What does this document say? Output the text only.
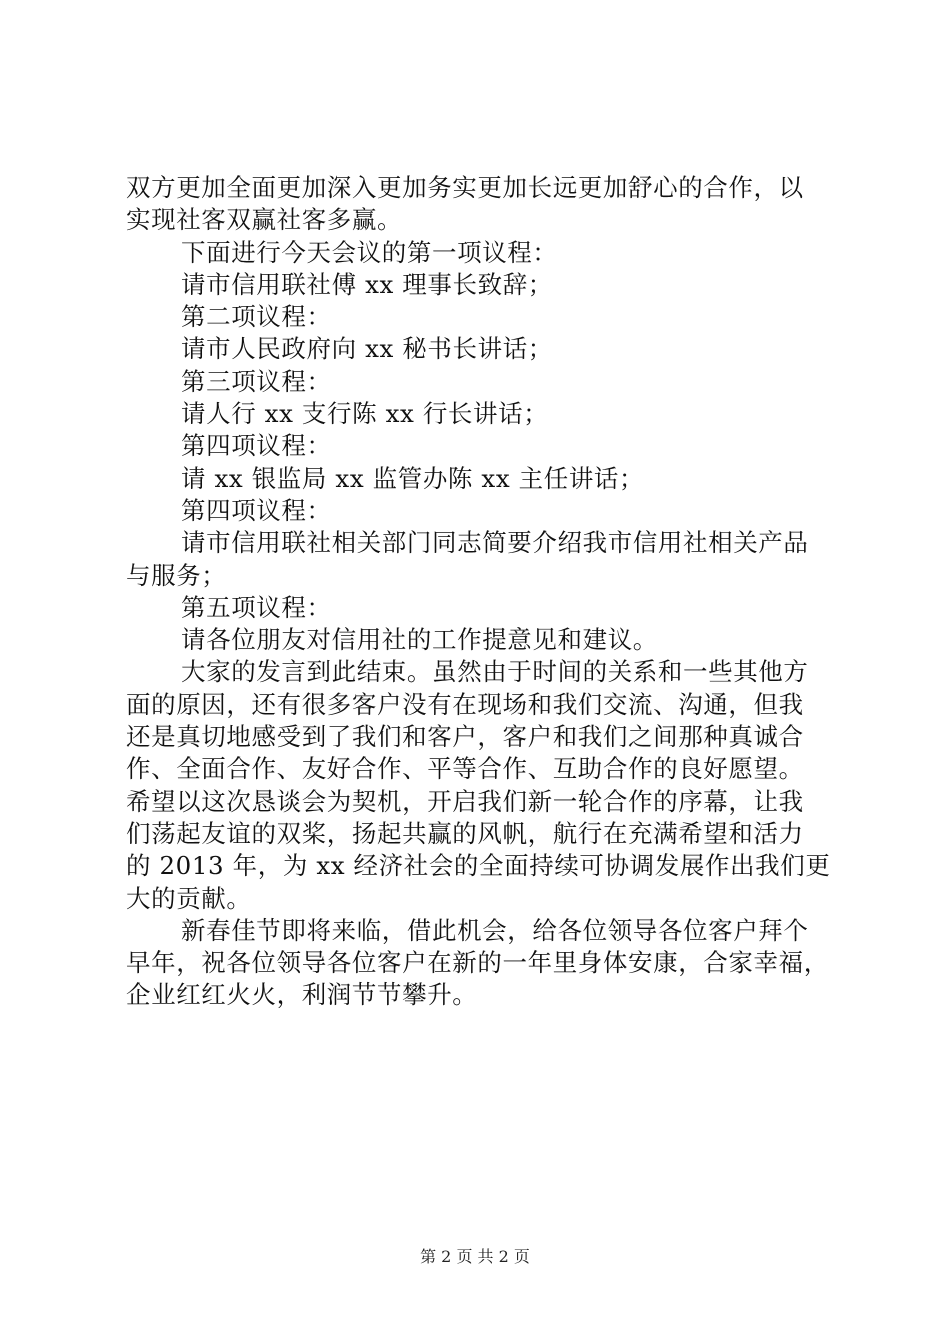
双方更加全面更加深入更加务实更加长远更加舒心的合作，以
实现社客双赢社客多赢。
下面进行今天会议的第一项议程：
请市信用联社傅 xx 理事长致辞；
第二项议程：
请市人民政府向 xx 秘书长讲话；
第三项议程：
请人行 xx 支行陈 xx 行长讲话；
第四项议程：
请 xx 银监局 xx 监管办陈 xx 主任讲话；
第四项议程：
请市信用联社相关部门同志简要介绍我市信用社相关产品
与服务；
第五项议程：
请各位朋友对信用社的工作提意见和建议。
大家的发言到此结束。虽然由于时间的关系和一些其他方
面的原因，还有很多客户没有在现场和我们交流、沟通，但我
还是真切地感受到了我们和客户，客户和我们之间那种真诚合
作、全面合作、友好合作、平等合作、互助合作的良好愿望。
希望以这次恳谈会为契机，开启我们新一轮合作的序幕，让我
们荡起友谊的双桨，扬起共赢的风帆，航行在充满希望和活力
的 2013 年，为 xx 经济社会的全面持续可协调发展作出我们更
大的贡献。
新春佳节即将来临，借此机会，给各位领导各位客户拜个
早年，祝各位领导各位客户在新的一年里身体安康，合家幸福，
企业红红火火，利润节节攀升。
第 2 页 共 2 页
